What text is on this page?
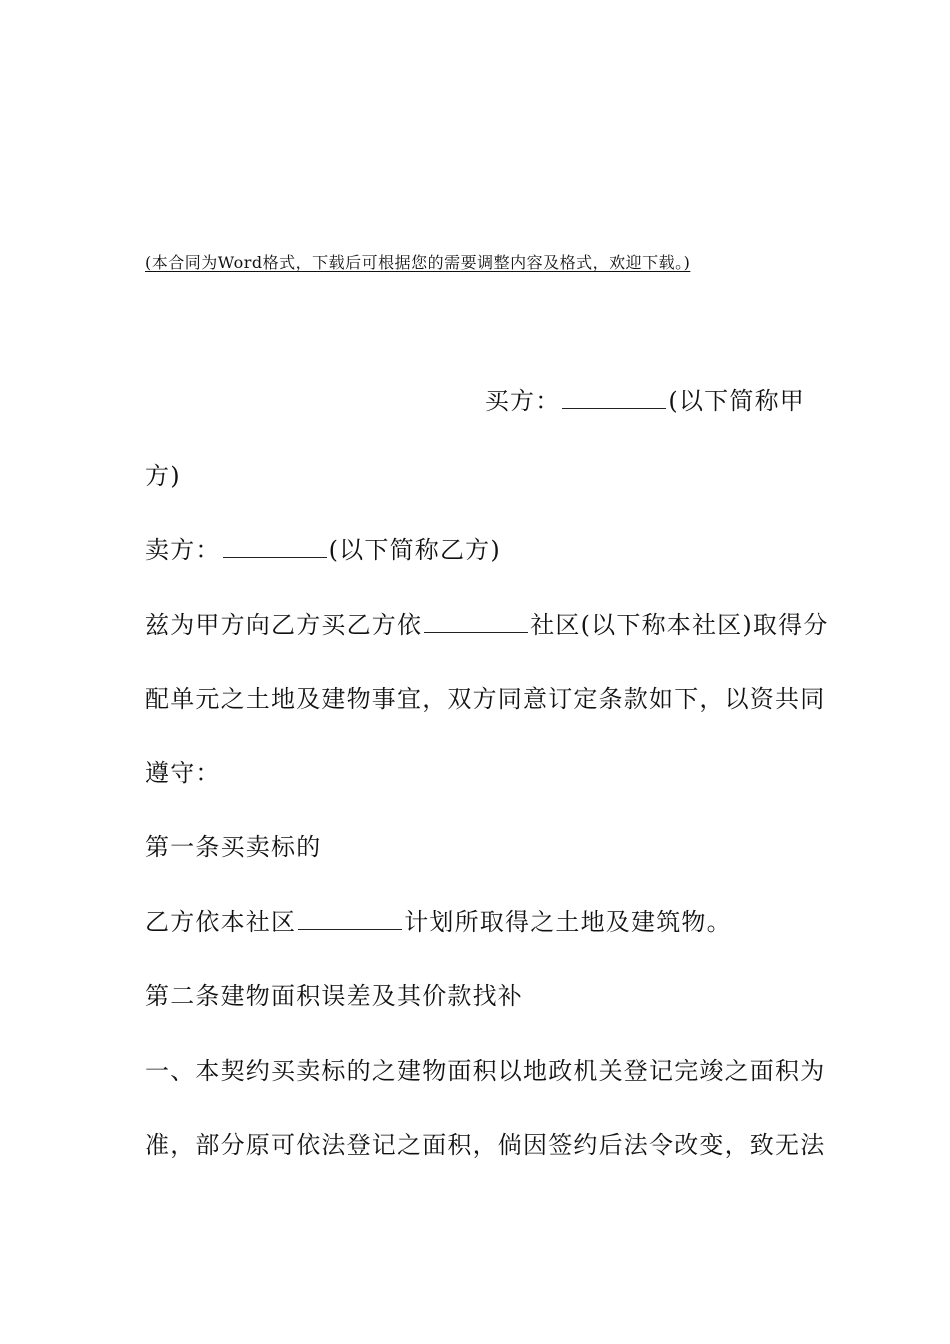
(本合同为Word格式，下载后可根据您的需要调整内容及格式，欢迎下载。)
买方：	(以下简称甲
方)
卖方：	(以下简称乙方)
兹为甲方向乙方买乙方依	社区(以下称本社区)取得分
配单元之土地及建物事宜，双方同意订定条款如下，以资共同
遵守：
第一条买卖标的
乙方依本社区	计划所取得之土地及建筑物。
第二条建物面积误差及其价款找补
一、本契约买卖标的之建物面积以地政机关登记完竣之面积为
准，部分原可依法登记之面积，倘因签约后法令改变，致无法
